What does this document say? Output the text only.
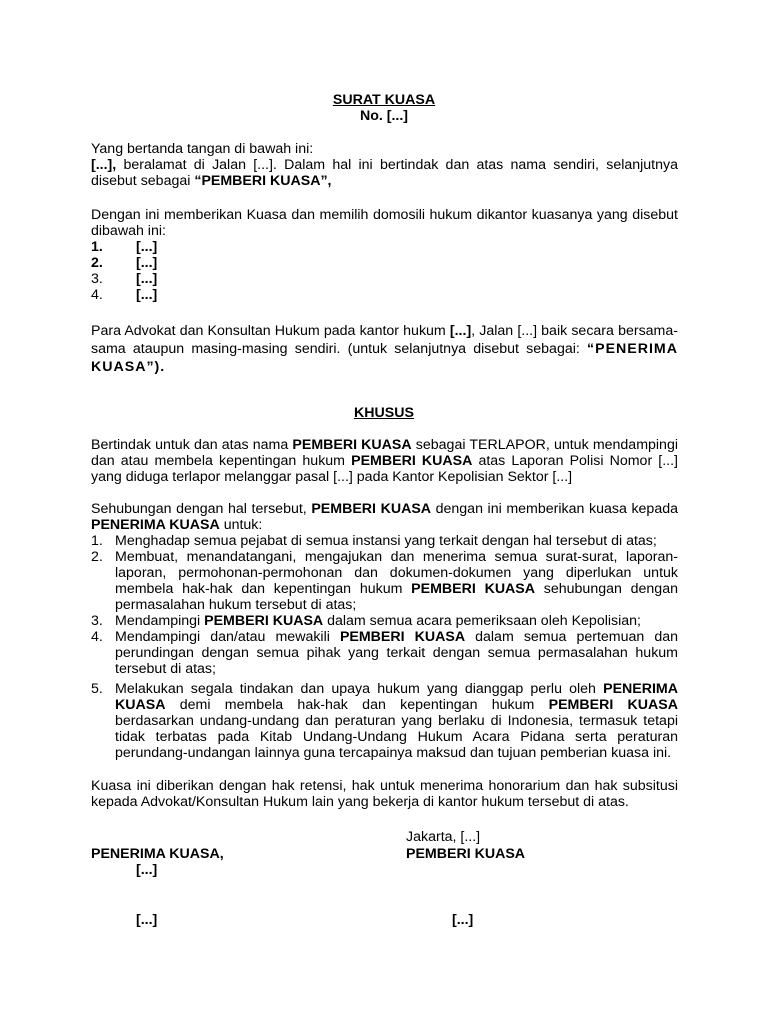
SURAT KUASA
No. [...]
Yang bertanda tangan di bawah ini:
[...], beralamat di Jalan [...]. Dalam hal ini bertindak dan atas nama sendiri, selanjutnya disebut sebagai “PEMBERI KUASA”,
Dengan ini memberikan Kuasa dan memilih domosili hukum dikantor kuasanya yang disebut dibawah ini:
1. [...]
2. [...]
3. [...]
4. [...]
Para Advokat dan Konsultan Hukum pada kantor hukum [...], Jalan [...] baik secara bersama-sama ataupun masing-masing sendiri. (untuk selanjutnya disebut sebagai: “PENERIMA KUASA”).
KHUSUS
Bertindak untuk dan atas nama PEMBERI KUASA sebagai TERLAPOR, untuk mendampingi dan atau membela kepentingan hukum PEMBERI KUASA atas Laporan Polisi Nomor [...] yang diduga terlapor melanggar pasal [...] pada Kantor Kepolisian Sektor [...]
Sehubungan dengan hal tersebut, PEMBERI KUASA dengan ini memberikan kuasa kepada PENERIMA KUASA untuk:
1. Menghadap semua pejabat di semua instansi yang terkait dengan hal tersebut di atas;
2. Membuat, menandatangani, mengajukan dan menerima semua surat-surat, laporan-laporan, permohonan-permohonan dan dokumen-dokumen yang diperlukan untuk membela hak-hak dan kepentingan hukum PEMBERI KUASA sehubungan dengan permasalahan hukum tersebut di atas;
3. Mendampingi PEMBERI KUASA dalam semua acara pemeriksaan oleh Kepolisian;
4. Mendampingi dan/atau mewakili PEMBERI KUASA dalam semua pertemuan dan perundingan dengan semua pihak yang terkait dengan semua permasalahan hukum tersebut di atas;
5. Melakukan segala tindakan dan upaya hukum yang dianggap perlu oleh PENERIMA KUASA demi membela hak-hak dan kepentingan hukum PEMBERI KUASA berdasarkan undang-undang dan peraturan yang berlaku di Indonesia, termasuk tetapi tidak terbatas pada Kitab Undang-Undang Hukum Acara Pidana serta peraturan perundang-undangan lainnya guna tercapainya maksud dan tujuan pemberian kuasa ini.
Kuasa ini diberikan dengan hak retensi, hak untuk menerima honorarium dan hak subsitusi kepada Advokat/Konsultan Hukum lain yang bekerja di kantor hukum tersebut di atas.
Jakarta, [...]
PENERIMA KUASA,	PEMBERI KUASA
[...]
[...]	[...]
